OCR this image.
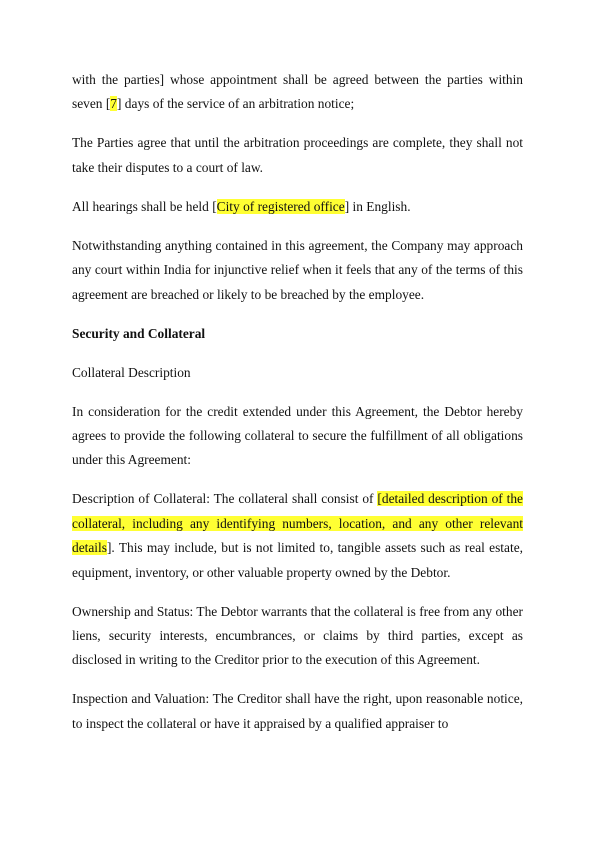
with the parties] whose appointment shall be agreed between the parties within seven [7] days of the service of an arbitration notice;

The Parties agree that until the arbitration proceedings are complete, they shall not take their disputes to a court of law.

All hearings shall be held [City of registered office] in English.

Notwithstanding anything contained in this agreement, the Company may approach any court within India for injunctive relief when it feels that any of the terms of this agreement are breached or likely to be breached by the employee.

Security and Collateral

Collateral Description

In consideration for the credit extended under this Agreement, the Debtor hereby agrees to provide the following collateral to secure the fulfillment of all obligations under this Agreement:

Description of Collateral: The collateral shall consist of [detailed description of the collateral, including any identifying numbers, location, and any other relevant details]. This may include, but is not limited to, tangible assets such as real estate, equipment, inventory, or other valuable property owned by the Debtor.

Ownership and Status: The Debtor warrants that the collateral is free from any other liens, security interests, encumbrances, or claims by third parties, except as disclosed in writing to the Creditor prior to the execution of this Agreement.

Inspection and Valuation: The Creditor shall have the right, upon reasonable notice, to inspect the collateral or have it appraised by a qualified appraiser to
